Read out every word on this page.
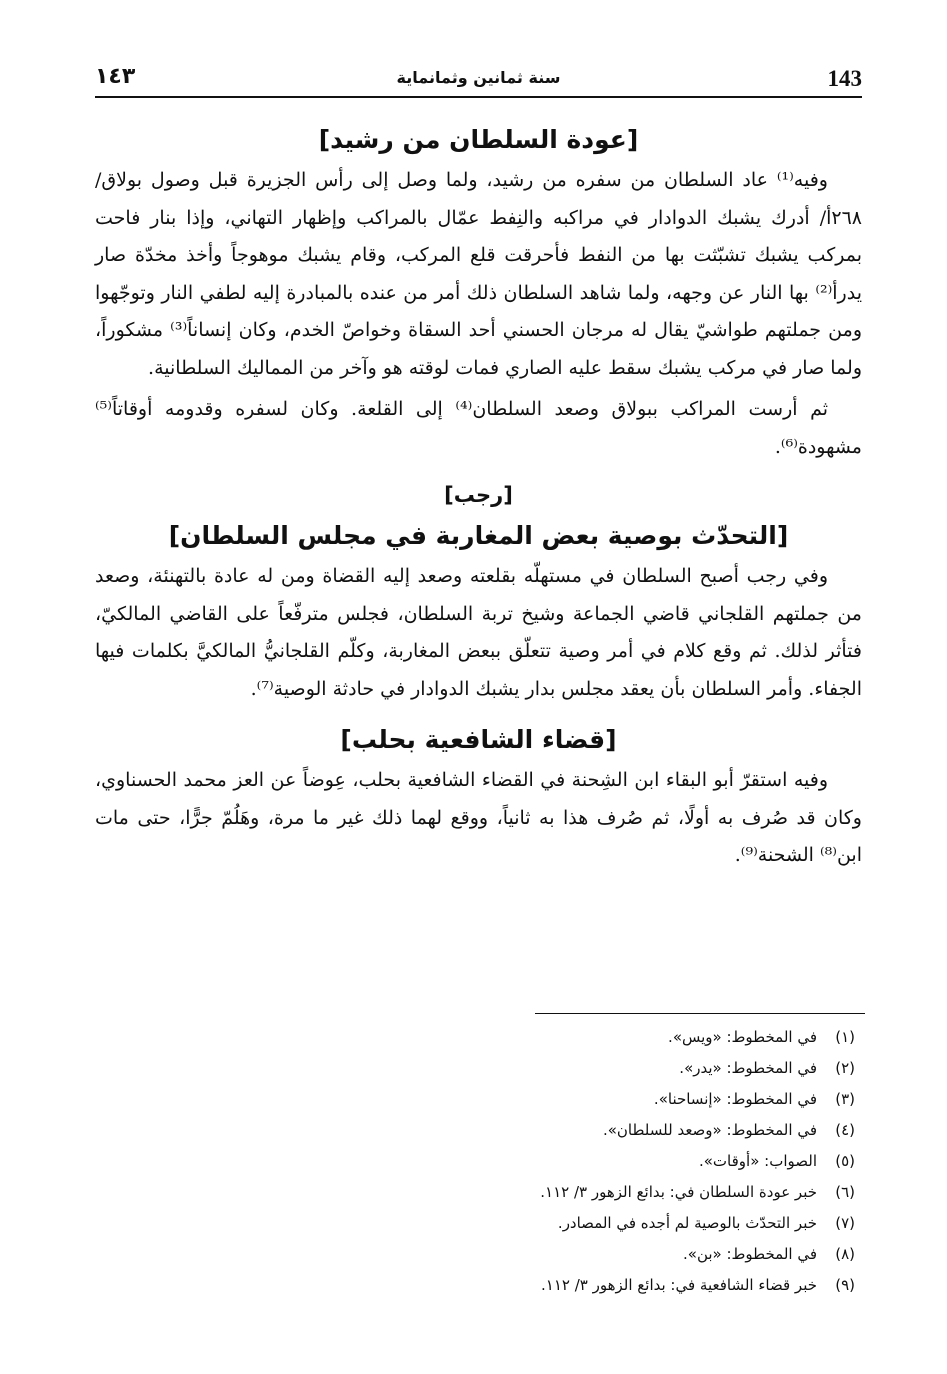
143
سنة ثمانين وثمانماية
١٤٣
[عودة السلطان من رشيد]

وفيه⁽¹⁾ عاد السلطان من سفره من رشيد، ولما وصل إلى رأس الجزيرة قبل وصول بولاق/ ٢٦٨أ/ أدرك يشبك الدوادار في مراكبه والنِفط عمّال بالمراكب وإظهار التهاني، وإذا بنار فاحت بمركب يشبك تشبّثت بها من النفط فأحرقت قلع المركب، وقام يشبك موهوجاً وأخذ مخدّة صار يدرأ⁽²⁾ بها النار عن وجهه، ولما شاهد السلطان ذلك أمر من عنده بالمبادرة إليه لطفي النار وتوجّهوا ومن جملتهم طواشيّ يقال له مرجان الحسني أحد السقاة وخواصّ الخدم، وكان إنساناً⁽³⁾ مشكوراً، ولما صار في مركب يشبك سقط عليه الصاري فمات لوقته هو وآخر من المماليك السلطانية.

ثم أرست المراكب ببولاق وصعد السلطان⁽⁴⁾ إلى القلعة. وكان لسفره وقدومه أوقاتاً⁽⁵⁾ مشهودة⁽⁶⁾.

[رجب]
[التحدّث بوصية بعض المغاربة في مجلس السلطان]

وفي رجب أصبح السلطان في مستهلّه بقلعته وصعد إليه القضاة ومن له عادة بالتهنئة، وصعد من جملتهم القلجاني قاضي الجماعة وشيخ تربة السلطان، فجلس مترفّعاً على القاضي المالكيّ، فتأثر لذلك. ثم وقع كلام في أمر وصية تتعلّق ببعض المغاربة، وكلّم القلجانيُّ المالكيَّ بكلمات فيها الجفاء. وأمر السلطان بأن يعقد مجلس بدار يشبك الدوادار في حادثة الوصية⁽⁷⁾.

[قضاء الشافعية بحلب]

وفيه استقرّ أبو البقاء ابن الشِحنة في القضاء الشافعية بحلب، عِوضاً عن العز محمد الحسناوي، وكان قد صُرف به أولًا، ثم صُرف هذا به ثانياً، ووقع لهما ذلك غير ما مرة، وهَلُمّ جرًّا، حتى مات ابن⁽⁸⁾ الشحنة⁽⁹⁾.

(١)في المخطوط: «ويس».
(٢)في المخطوط: «يدر».
(٣)في المخطوط: «إنساحنا».
(٤)في المخطوط: «وصعد للسلطان».
(٥)الصواب: «أوقات».
(٦)خبر عودة السلطان في: بدائع الزهور ٣/ ١١٢.
(٧)خبر التحدّث بالوصية لم أجده في المصادر.
(٨)في المخطوط: «بن».
(٩)خبر قضاء الشافعية في: بدائع الزهور ٣/ ١١٢.
